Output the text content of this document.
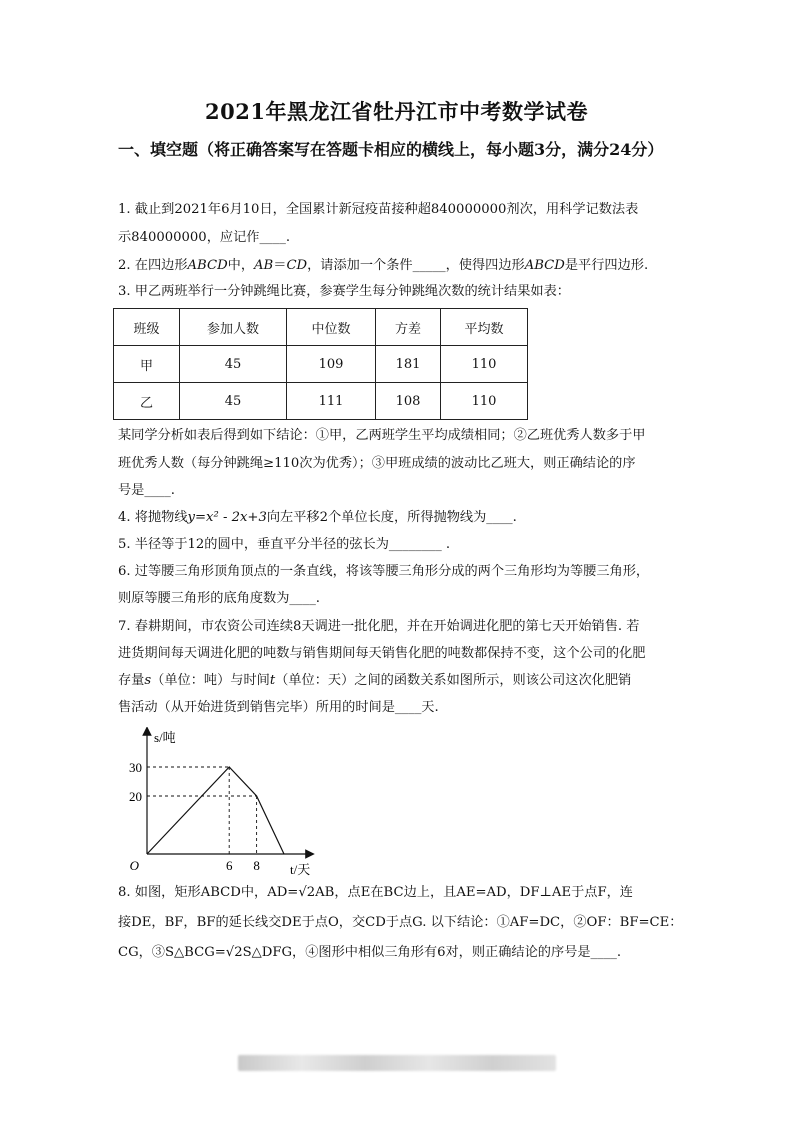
2021年黑龙江省牡丹江市中考数学试卷
一、填空题（将正确答案写在答题卡相应的横线上，每小题3分，满分24分）
1. 截止到2021年6月10日，全国累计新冠疫苗接种超840000000剂次，用科学记数法表
示840000000，应记作____.
2. 在四边形ABCD中，AB＝CD，请添加一个条件_____，使得四边形ABCD是平行四边形.
3. 甲乙两班举行一分钟跳绳比赛，参赛学生每分钟跳绳次数的统计结果如表：
班级	参加人数	中位数	方差	平均数
甲	45	109	181	110
乙	45	111	108	110
某同学分析如表后得到如下结论：①甲，乙两班学生平均成绩相同；②乙班优秀人数多于甲
班优秀人数（每分钟跳绳≥110次为优秀）；③甲班成绩的波动比乙班大，则正确结论的序
号是____.
4. 将抛物线y=x² - 2x+3向左平移2个单位长度，所得抛物线为____.
5. 半径等于12的圆中，垂直平分半径的弦长为________ .
6. 过等腰三角形顶角顶点的一条直线，将该等腰三角形分成的两个三角形均为等腰三角形，
则原等腰三角形的底角度数为____.
7. 春耕期间，市农资公司连续8天调进一批化肥，并在开始调进化肥的第七天开始销售. 若
进货期间每天调进化肥的吨数与销售期间每天销售化肥的吨数都保持不变，这个公司的化肥
存量s（单位：吨）与时间t（单位：天）之间的函数关系如图所示，则该公司这次化肥销
售活动（从开始进货到销售完毕）所用的时间是____天.
30
20
6 8
O
s/吨
t/天
8. 如图，矩形ABCD中，AD=√2AB，点E在BC边上，且AE=AD，DF⊥AE于点F，连
接DE，BF，BF的延长线交DE于点O，交CD于点G. 以下结论：①AF=DC，②OF：BF=CE：
CG，③S△BCG=√2S△DFG，④图形中相似三角形有6对，则正确结论的序号是____.
